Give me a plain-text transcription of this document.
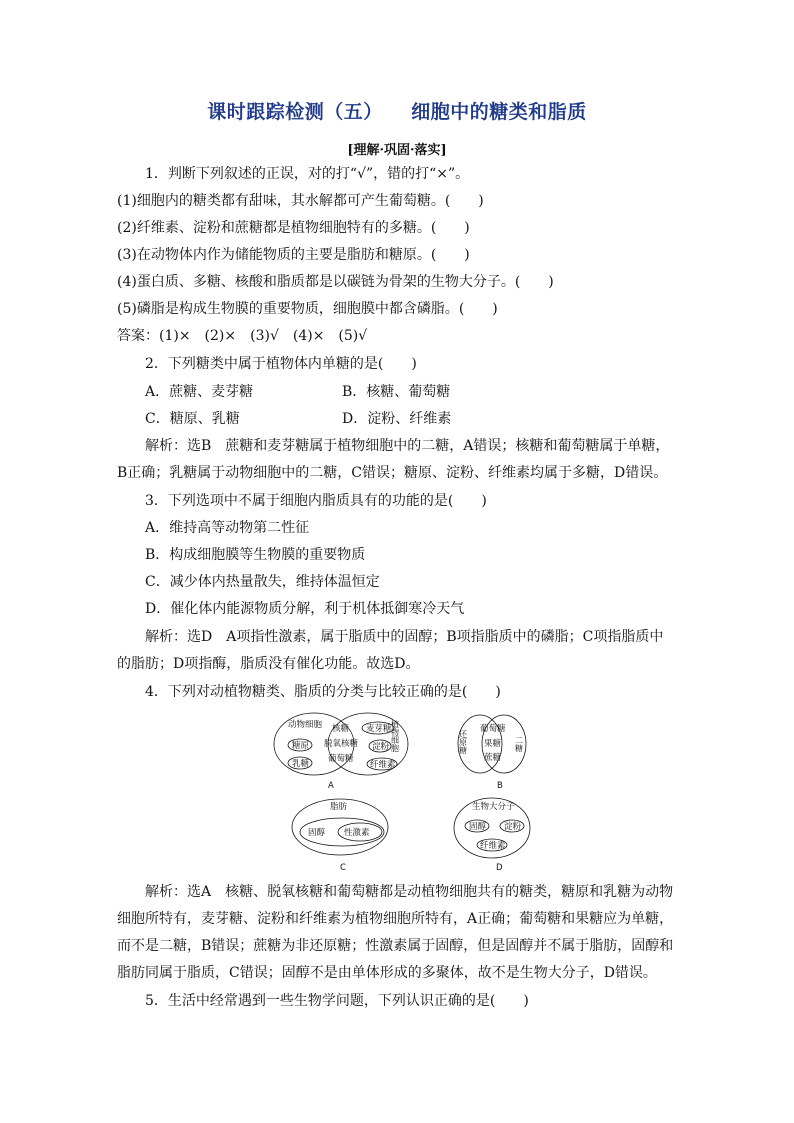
课时跟踪检测（五）    细胞中的糖类和脂质
[理解·巩固·落实]
1．判断下列叙述的正误，对的打“√”，错的打“×”。
(1)细胞内的糖类都有甜味，其水解都可产生葡萄糖。(　　)
(2)纤维素、淀粉和蔗糖都是植物细胞特有的多糖。(　　)
(3)在动物体内作为储能物质的主要是脂肪和糖原。(　　)
(4)蛋白质、多糖、核酸和脂质都是以碳链为骨架的生物大分子。(　　)
(5)磷脂是构成生物膜的重要物质，细胞膜中都含磷脂。(　　)
答案：(1)×　(2)×　(3)√　(4)×　(5)√
2．下列糖类中属于植物体内单糖的是(　　)
A．蔗糖、麦芽糖	B．核糖、葡萄糖
C．糖原、乳糖	D．淀粉、纤维素
解析：选B　蔗糖和麦芽糖属于植物细胞中的二糖，A错误；核糖和葡萄糖属于单糖，
B正确；乳糖属于动物细胞中的二糖，C错误；糖原、淀粉、纤维素均属于多糖，D错误。
3．下列选项中不属于细胞内脂质具有的功能的是(　　)
A．维持高等动物第二性征
B．构成细胞膜等生物膜的重要物质
C．减少体内热量散失，维持体温恒定
D．催化体内能源物质分解，利于机体抵御寒冷天气
解析：选D　A项指性激素，属于脂质中的固醇；B项指脂质中的磷脂；C项指脂质中
的脂肪；D项指酶，脂质没有催化功能。故选D。
4．下列对动植物糖类、脂质的分类与比较正确的是(　　)
动物细胞	植物细胞
糖原
乳糖
核糖
脱氧核糖
葡萄糖
麦芽糖
淀粉
纤维素
A
还原糖	二糖
葡萄糖
果糖
蔗糖
B
脂肪
固醇 性激素
C
生物大分子
固醇 淀粉
纤维素
D
解析：选A　核糖、脱氧核糖和葡萄糖都是动植物细胞共有的糖类，糖原和乳糖为动物
细胞所特有，麦芽糖、淀粉和纤维素为植物细胞所特有，A正确；葡萄糖和果糖应为单糖，
而不是二糖，B错误；蔗糖为非还原糖；性激素属于固醇，但是固醇并不属于脂肪，固醇和
脂肪同属于脂质，C错误；固醇不是由单体形成的多聚体，故不是生物大分子，D错误。
5．生活中经常遇到一些生物学问题，下列认识正确的是(　　)
